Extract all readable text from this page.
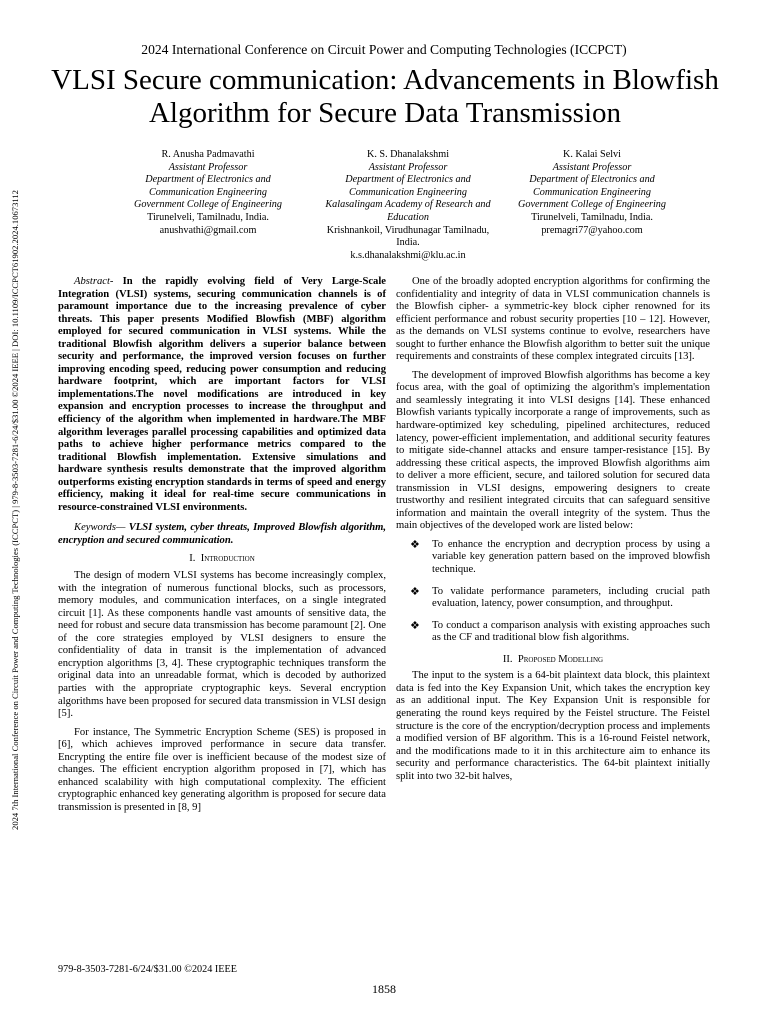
2024 7th International Conference on Circuit Power and Computing Technologies (ICCPCT) | 979-8-3503-7281-6/24/$31.00 ©2024 IEEE | DOI: 10.1109/ICCPCT61902.2024.10673112
2024 International Conference on Circuit Power and Computing Technologies (ICCPCT)
VLSI Secure communication: Advancements in Blowfish Algorithm for Secure Data Transmission
R. Anusha Padmavathi
Assistant Professor
Department of Electronics and Communication Engineering
Government College of Engineering
Tirunelveli, Tamilnadu, India.
anushvathi@gmail.com
K. S. Dhanalakshmi
Assistant Professor
Department of Electronics and Communication Engineering
Kalasalingam Academy of Research and Education
Krishnankoil, Virudhunagar Tamilnadu, India.
k.s.dhanalakshmi@klu.ac.in
K. Kalai Selvi
Assistant Professor
Department of Electronics and Communication Engineering
Government College of Engineering
Tirunelveli, Tamilnadu, India.
premagri77@yahoo.com

Abstract- In the rapidly evolving field of Very Large-Scale Integration (VLSI) systems, securing communication channels is of paramount importance due to the increasing prevalence of cyber threats. This paper presents Modified Blowfish (MBF) algorithm employed for secured communication in VLSI systems. While the traditional Blowfish algorithm delivers a superior balance between security and performance, the improved version focuses on further improving encoding speed, reducing power consumption and reducing hardware footprint, which are important factors for VLSI implementations.The novel modifications are introduced in key expansion and encryption processes to increase the throughput and efficiency of the algorithm when implemented in hardware.The MBF algorithm leverages parallel processing capabilities and optimized data paths to achieve higher performance metrics compared to the traditional Blowfish implementation. Extensive simulations and hardware synthesis results demonstrate that the improved algorithm outperforms existing encryption standards in terms of speed and energy efficiency, making it ideal for real-time secure communications in resource-constrained VLSI environments.

Keywords— VLSI system, cyber threats, Improved Blowfish algorithm, encryption and secured communication.

I. Introduction

The design of modern VLSI systems has become increasingly complex, with the integration of numerous functional blocks, such as processors, memory modules, and communication interfaces, on a single integrated circuit [1]. As these components handle vast amounts of sensitive data, the need for robust and secure data transmission has become paramount [2]. One of the core strategies employed by VLSI designers to ensure the confidentiality of data in transit is the implementation of advanced encryption algorithms [3, 4]. These cryptographic techniques transform the original data into an unreadable format, which is decoded by authorized parties with the appropriate cryptographic keys. Several encryption algorithms have been proposed for secured data transmission in VLSI design [5].

For instance, The Symmetric Encryption Scheme (SES) is proposed in [6], which achieves improved performance in secure data transfer. Encrypting the entire file over is inefficient because of the modest size of changes. The efficient encryption algorithm proposed in [7], which has enhanced scalability with high computational complexity. The efficient cryptographic enhanced key generating algorithm is proposed for secure data transmission is presented in [8, 9]

One of the broadly adopted encryption algorithms for confirming the confidentiality and integrity of data in VLSI communication channels is the Blowfish cipher- a symmetric-key block cipher renowned for its efficient performance and robust security properties [10 – 12]. However, as the demands on VLSI systems continue to evolve, researchers have sought to further enhance the Blowfish algorithm to better suit the unique requirements and constraints of these complex integrated circuits [13].

The development of improved Blowfish algorithms has become a key focus area, with the goal of optimizing the algorithm's implementation and seamlessly integrating it into VLSI designs [14]. These enhanced Blowfish variants typically incorporate a range of improvements, such as hardware-optimized key scheduling, pipelined architectures, reduced latency, power-efficient implementation, and additional security features to mitigate side-channel attacks and ensure tamper-resistance [15]. By addressing these critical aspects, the improved Blowfish algorithms aim to deliver a more efficient, secure, and tailored solution for secured data transmission in VLSI designs, empowering designers to create trustworthy and resilient integrated circuits that can safeguard sensitive information and maintain the overall integrity of the system. Thus the main objectives of the developed work are listed below:

❖ To enhance the encryption and decryption process by using a variable key generation pattern based on the improved blowfish technique.
❖ To validate performance parameters, including crucial path evaluation, latency, power consumption, and throughput.
❖ To conduct a comparison analysis with existing approaches such as the CF and traditional blow fish algorithms.
II. Proposed Modelling

The input to the system is a 64-bit plaintext data block, this plaintext data is fed into the Key Expansion Unit, which takes the encryption key as an additional input. The Key Expansion Unit is responsible for generating the round keys required by the Feistel structure. The Feistel structure is the core of the encryption/decryption process and implements a modified version of BF algorithm. This is a 16-round Feistel network, and the modifications made to it in this architecture aim to enhance its security and performance characteristics. The 64-bit plaintext initially split into two 32-bit halves,

979-8-3503-7281-6/24/$31.00 ©2024 IEEE
1858
